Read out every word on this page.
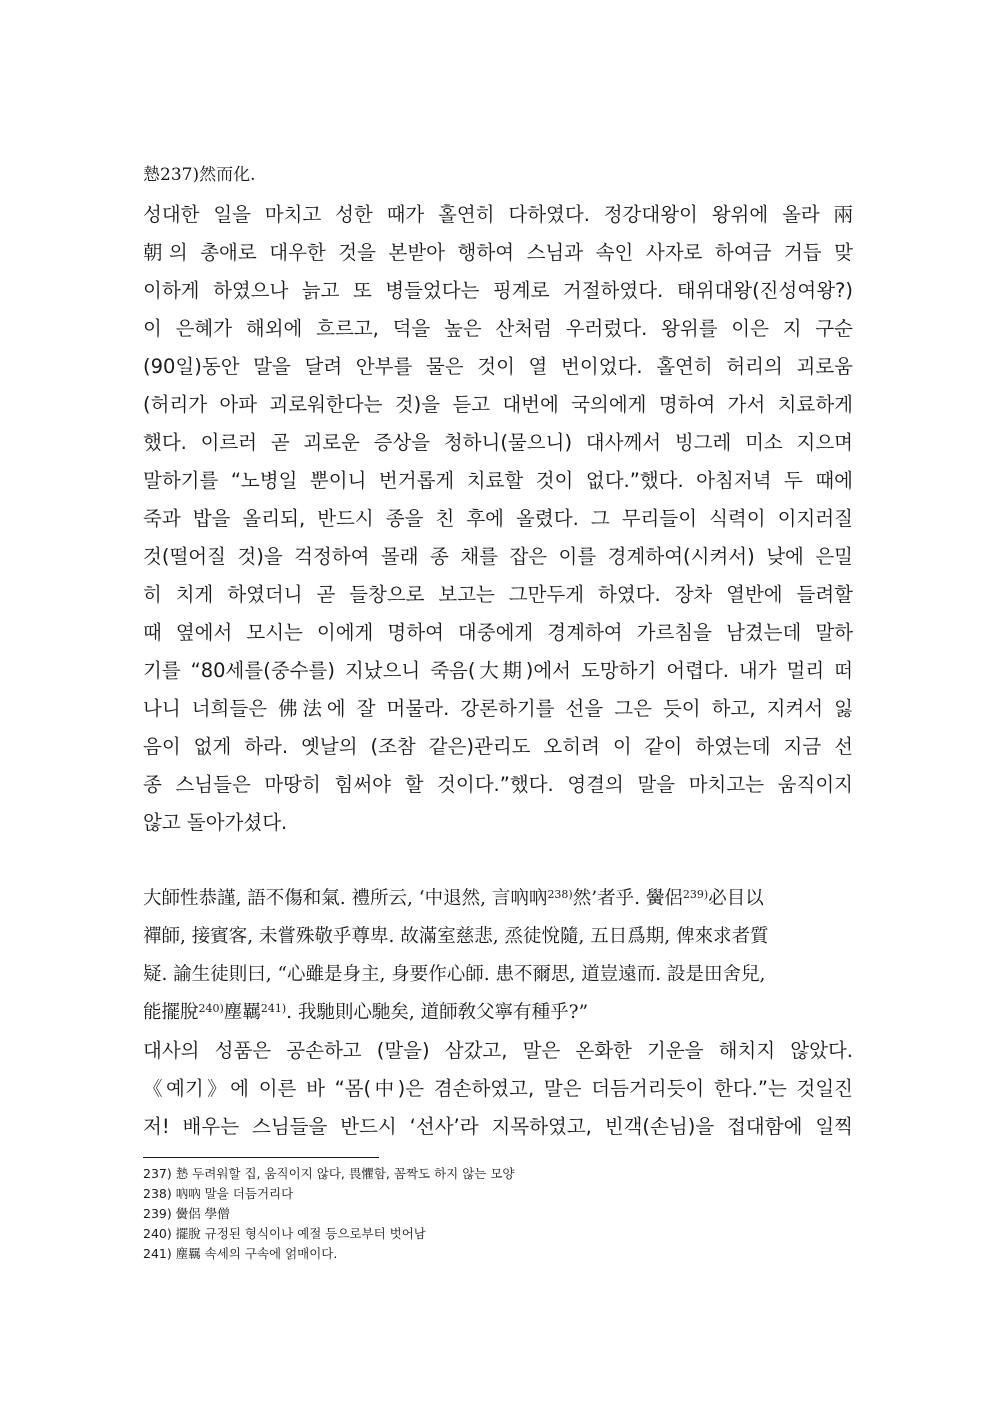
慹237)然而化.
성대한 일을 마치고 성한 때가 홀연히 다하였다. 정강대왕이 왕위에 올라 兩
朝의 총애로 대우한 것을 본받아 행하여 스님과 속인 사자로 하여금 거듭 맞
이하게 하였으나 늙고 또 병들었다는 핑계로 거절하였다. 태위대왕(진성여왕?)
이 은혜가 해외에 흐르고, 덕을 높은 산처럼 우러렀다. 왕위를 이은 지 구순
(90일)동안 말을 달려 안부를 물은 것이 열 번이었다. 홀연히 허리의 괴로움
(허리가 아파 괴로워한다는 것)을 듣고 대번에 국의에게 명하여 가서 치료하게
했다. 이르러 곧 괴로운 증상을 청하니(물으니) 대사께서 빙그레 미소 지으며
말하기를 “노병일 뿐이니 번거롭게 치료할 것이 없다.”했다. 아침저녁 두 때에
죽과 밥을 올리되, 반드시 종을 친 후에 올렸다. 그 무리들이 식력이 이지러질
것(떨어질 것)을 걱정하여 몰래 종 채를 잡은 이를 경계하여(시켜서) 낮에 은밀
히 치게 하였더니 곧 들창으로 보고는 그만두게 하였다. 장차 열반에 들려할
때 옆에서 모시는 이에게 명하여 대중에게 경계하여 가르침을 남겼는데 말하
기를 “80세를(중수를) 지났으니 죽음(大期)에서 도망하기 어렵다. 내가 멀리 떠
나니 너희들은 佛法에 잘 머물라. 강론하기를 선을 그은 듯이 하고, 지켜서 잃
음이 없게 하라. 옛날의 (조참 같은)관리도 오히려 이 같이 하였는데 지금 선
종 스님들은 마땅히 힘써야 할 것이다.”했다. 영결의 말을 마치고는 움직이지
않고 돌아가셨다.
大師性恭謹, 語不傷和氣. 禮所云, ‘中退然, 言吶吶$^{238)}$然’者乎. 黌侶$^{239)}$必目以
禪師, 接賓客, 未嘗殊敬乎尊卑. 故滿室慈悲, 烝徒悅隨, 五日爲期, 俾來求者質
疑. 諭生徒則曰, “心雖是身主, 身要作心師. 患不爾思, 道豈遠而. 設是田舍兒,
能擺脫$^{240)}$塵羈$^{241)}$. 我馳則心馳矣, 道師敎父寧有種乎?”
대사의 성품은 공손하고 (말을) 삼갔고, 말은 온화한 기운을 해치지 않았다.
《예기》에 이른 바 “몸(中)은 겸손하였고, 말은 더듬거리듯이 한다.”는 것일진
저! 배우는 스님들을 반드시 ‘선사’라 지목하였고, 빈객(손님)을 접대함에 일찍
237) 慹 두려워할 집, 움직이지 않다, 畏懼함, 꼼짝도 하지 않는 모양
238) 吶吶 말을 더듬거리다
239) 黌侶 學僧
240) 擺脫 규정된 형식이나 예절 등으로부터 벗어남
241) 塵羈 속세의 구속에 얽매이다.
